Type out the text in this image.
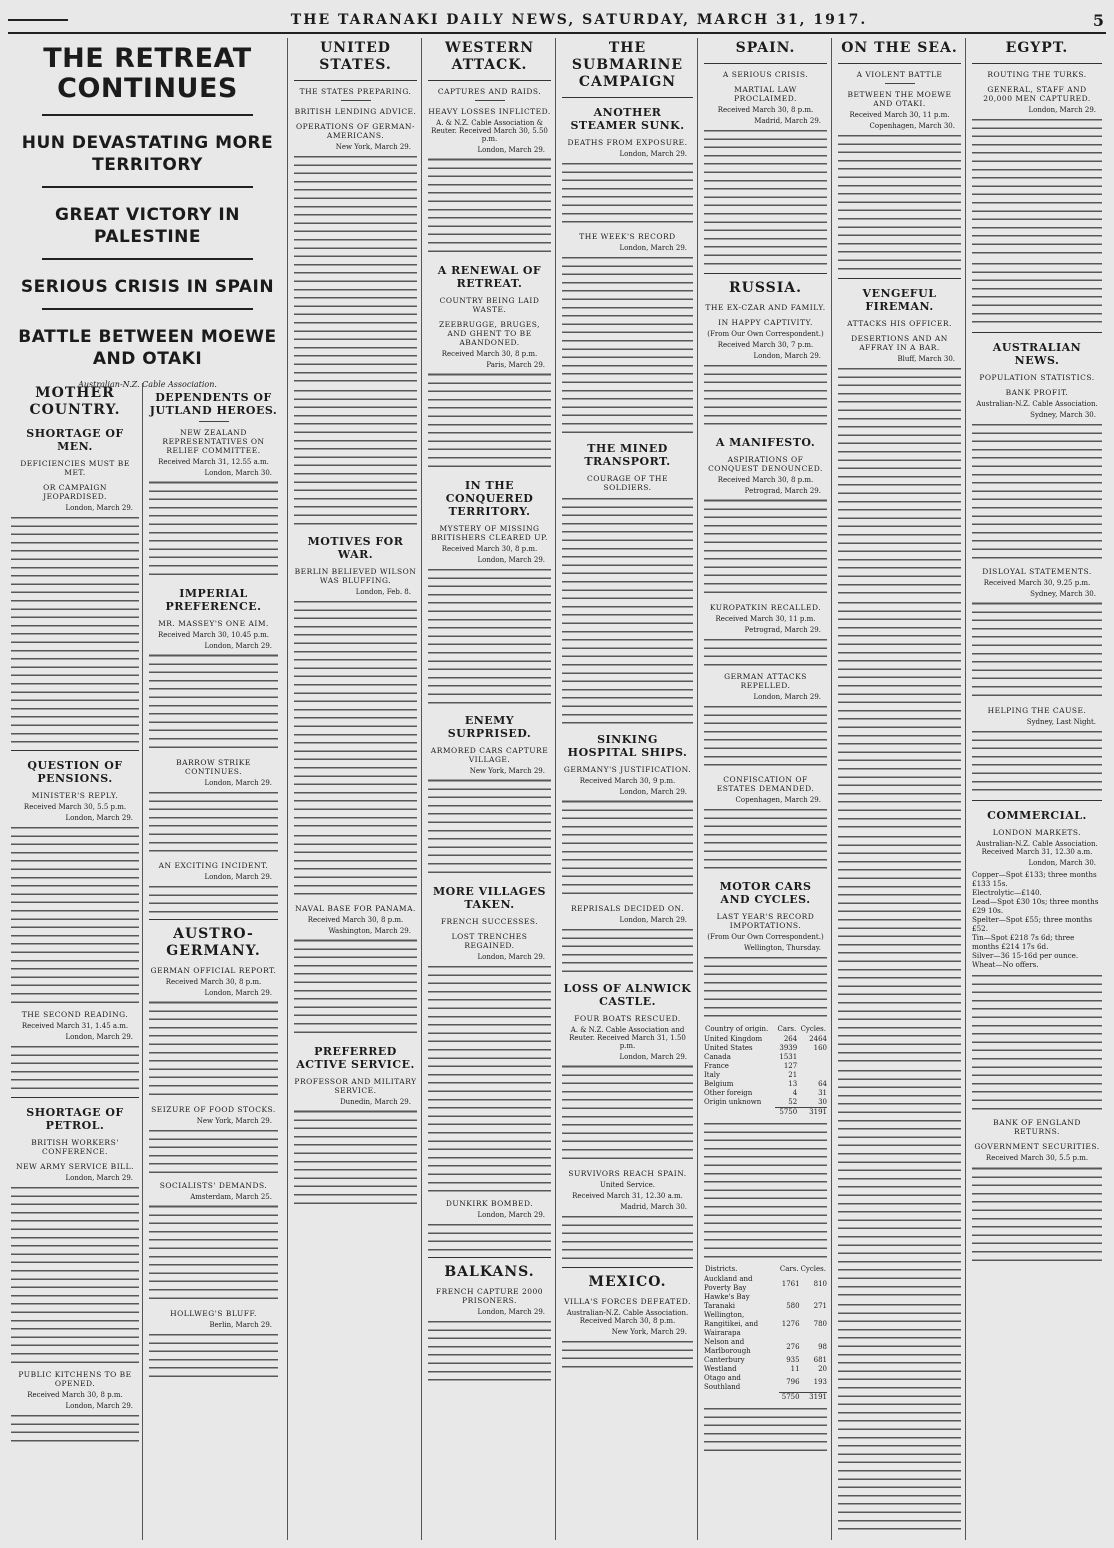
THE TARANAKI DAILY NEWS, SATURDAY, MARCH 31, 1917.	5
THE RETREAT CONTINUES
HUN DEVASTATING MORE TERRITORY
GREAT VICTORY IN PALESTINE
SERIOUS CRISIS IN SPAIN
BATTLE BETWEEN MOEWE AND OTAKI
Australian-N.Z. Cable Association.
MOTHER COUNTRY.
SHORTAGE OF MEN.
DEFICIENCIES MUST BE MET.
OR CAMPAIGN JEOPARDISED.
London, March 29.
QUESTION OF PENSIONS.
MINISTER'S REPLY.
Received March 30, 5.5 p.m.
London, March 29.
THE SECOND READING.
Received March 31, 1.45 a.m.
London, March 29.
SHORTAGE OF PETROL.
BRITISH WORKERS' CONFERENCE.
NEW ARMY SERVICE BILL.
London, March 29.
PUBLIC KITCHENS TO BE OPENED.
Received March 30, 8 p.m.
London, March 29.
DEPENDENTS OF JUTLAND HEROES.
NEW ZEALAND REPRESENTATIVES ON RELIEF COMMITTEE.
Received March 31, 12.55 a.m.
London, March 30.
IMPERIAL PREFERENCE.
MR. MASSEY'S ONE AIM.
Received March 30, 10.45 p.m.
London, March 29.
BARROW STRIKE CONTINUES.
London, March 29.
AN EXCITING INCIDENT.
London, March 29.
AUSTRO-GERMANY.
GERMAN OFFICIAL REPORT.
Received March 30, 8 p.m.
London, March 29.
SEIZURE OF FOOD STOCKS.
New York, March 29.
SOCIALISTS' DEMANDS.
Amsterdam, March 25.
HOLLWEG'S BLUFF.
Berlin, March 29.
UNITED STATES.
THE STATES PREPARING.
BRITISH LENDING ADVICE.
OPERATIONS OF GERMAN-AMERICANS.
New York, March 29.
MOTIVES FOR WAR.
BERLIN BELIEVED WILSON WAS BLUFFING.
London, Feb. 8.
NAVAL BASE FOR PANAMA.
Received March 30, 8 p.m.
Washington, March 29.
PREFERRED ACTIVE SERVICE.
PROFESSOR AND MILITARY SERVICE.
Dunedin, March 29.
WESTERN ATTACK.
CAPTURES AND RAIDS.
HEAVY LOSSES INFLICTED.
A. & N.Z. Cable Association & Reuter. Received March 30, 5.50 p.m.
London, March 29.
A RENEWAL OF RETREAT.
COUNTRY BEING LAID WASTE.
ZEEBRUGGE, BRUGES, AND GHENT TO BE ABANDONED.
Received March 30, 8 p.m.
Paris, March 29.
IN THE CONQUERED TERRITORY.
MYSTERY OF MISSING BRITISHERS CLEARED UP.
Received March 30, 8 p.m.
London, March 29.
ENEMY SURPRISED.
ARMORED CARS CAPTURE VILLAGE.
New York, March 29.
MORE VILLAGES TAKEN.
FRENCH SUCCESSES.
LOST TRENCHES REGAINED.
London, March 29.
DUNKIRK BOMBED.
London, March 29.
BALKANS.
FRENCH CAPTURE 2000 PRISONERS.
London, March 29.
THE SUBMARINE CAMPAIGN
ANOTHER STEAMER SUNK.
DEATHS FROM EXPOSURE.
London, March 29.
THE WEEK'S RECORD
London, March 29.
THE MINED TRANSPORT.
COURAGE OF THE SOLDIERS.
SINKING HOSPITAL SHIPS.
GERMANY'S JUSTIFICATION.
Received March 30, 9 p.m.
London, March 29.
REPRISALS DECIDED ON.
London, March 29.
LOSS OF ALNWICK CASTLE.
FOUR BOATS RESCUED.
A. & N.Z. Cable Association and Reuter. Received March 31, 1.50 p.m.
London, March 29.
SURVIVORS REACH SPAIN.
United Service.
Received March 31, 12.30 a.m.
Madrid, March 30.
MEXICO.
VILLA'S FORCES DEFEATED.
Australian-N.Z. Cable Association. Received March 30, 8 p.m.
New York, March 29.
SPAIN.
A SERIOUS CRISIS.
MARTIAL LAW PROCLAIMED.
Received March 30, 8 p.m.
Madrid, March 29.
RUSSIA.
THE EX-CZAR AND FAMILY.
IN HAPPY CAPTIVITY.
(From Our Own Correspondent.)
Received March 30, 7 p.m.
London, March 29.
A MANIFESTO.
ASPIRATIONS OF CONQUEST DENOUNCED.
Received March 30, 8 p.m.
Petrograd, March 29.
KUROPATKIN RECALLED.
Received March 30, 11 p.m.
Petrograd, March 29.
GERMAN ATTACKS REPELLED.
London, March 29.
CONFISCATION OF ESTATES DEMANDED.
Copenhagen, March 29.
MOTOR CARS AND CYCLES.
LAST YEAR'S RECORD IMPORTATIONS.
(From Our Own Correspondent.)
Wellington, Thursday.
Country of origin.	Cars.	Cycles.
United Kingdom	264	2464
United States	3939	160
Canada	1531	
France	127	
Italy	21	
Belgium	13	64
Other foreign	4	31
Origin unknown	52	30
	5750	3191
Districts.	Cars.	Cycles.
Auckland and Poverty Bay	1761	810
Hawke's Bay		
Taranaki	580	271
Wellington, Rangitikei, and Wairarapa	1276	780
Nelson and Marlborough	276	98
Canterbury	935	681
Westland	11	20
Otago and Southland	796	193
	5750	3191
ON THE SEA.
A VIOLENT BATTLE
BETWEEN THE MOEWE AND OTAKI.
Received March 30, 11 p.m.
Copenhagen, March 30.
VENGEFUL FIREMAN.
ATTACKS HIS OFFICER.
DESERTIONS AND AN AFFRAY IN A BAR.
Bluff, March 30.
EGYPT.
ROUTING THE TURKS.
GENERAL, STAFF AND 20,000 MEN CAPTURED.
London, March 29.
AUSTRALIAN NEWS.
POPULATION STATISTICS.
BANK PROFIT.
Australian-N.Z. Cable Association.
Sydney, March 30.
DISLOYAL STATEMENTS.
Received March 30, 9.25 p.m.
Sydney, March 30.
HELPING THE CAUSE.
Sydney, Last Night.
COMMERCIAL.
LONDON MARKETS.
Australian-N.Z. Cable Association. Received March 31, 12.30 a.m.
London, March 30.
Copper—Spot £133; three months £133 15s.
Electrolytic—£140.
Lead—Spot £30 10s; three months £29 10s.
Spelter—Spot £55; three months £52.
Tin—Spot £218 7s 6d; three months £214 17s 6d.
Silver—36 15-16d per ounce.
Wheat—No offers.
BANK OF ENGLAND RETURNS.
GOVERNMENT SECURITIES.
Received March 30, 5.5 p.m.
